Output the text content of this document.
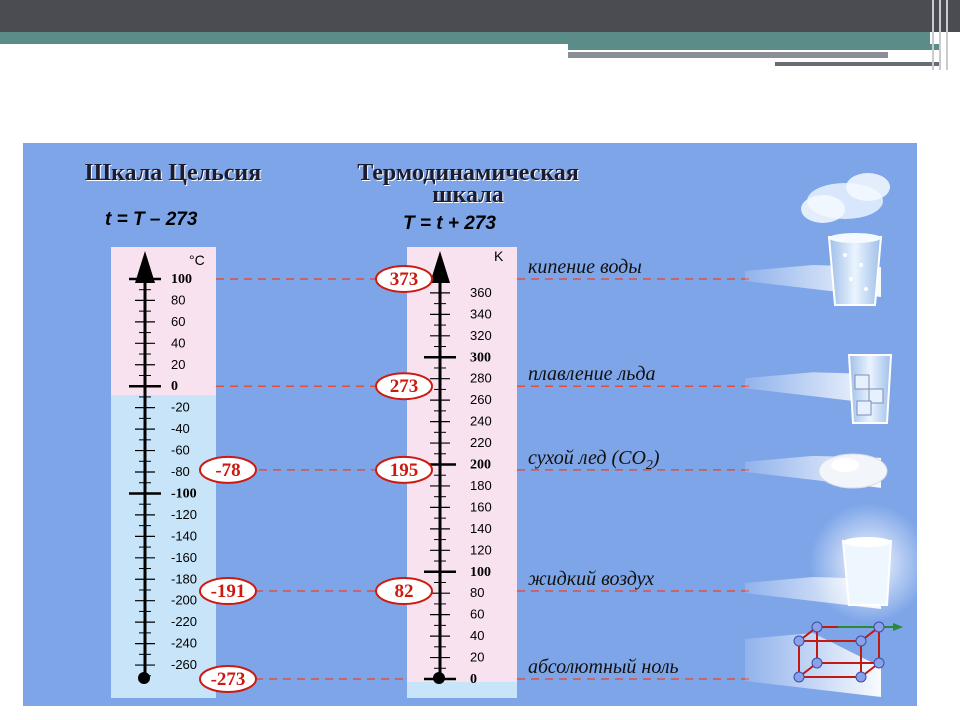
Шкала Цельсия
t = T – 273
Термодинамическая
шкала
T = t + 273
100
80
60
40
20
0
-20
-40
-60
-80
-100
-120
-140
-160
-180
-200
-220
-240
-260
360
340
320
300
280
260
240
220
200
180
160
140
120
100
80
60
40
20
0
-78
-191
-273
373
273
195
82
кипение воды
плавление льда
сухой лед $(СО_2)$
жидкий воздух
абсолютный ноль
°C	K
